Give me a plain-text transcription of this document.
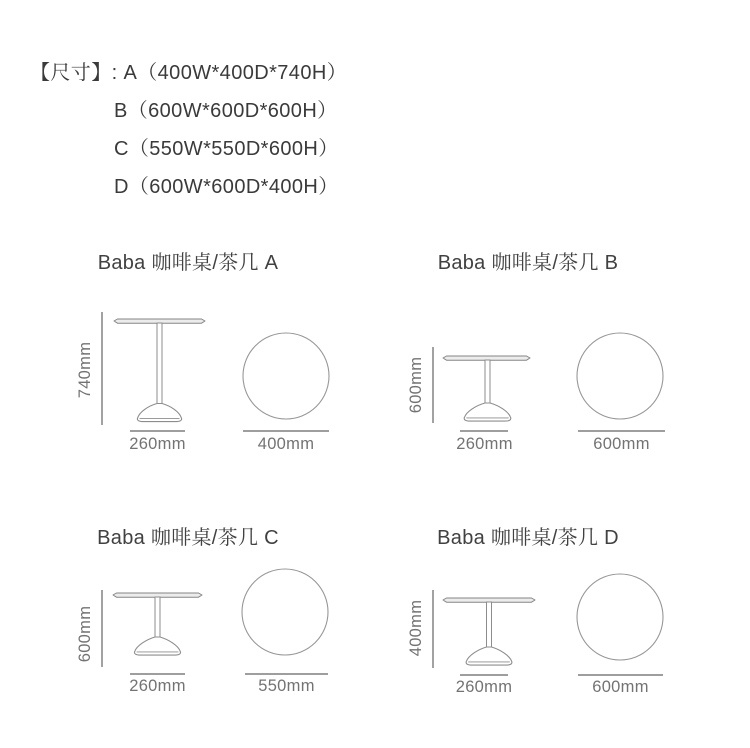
【尺寸】: A（400W*400D*740H）
B（600W*600D*600H）
C（550W*550D*600H）
D（600W*600D*400H）
Baba 咖啡桌/茶几 A
740mm
260mm	400mm
Baba 咖啡桌/茶几 B
600mm
260mm	600mm
Baba 咖啡桌/茶几 C
600mm
260mm	550mm
Baba 咖啡桌/茶几 D
400mm
260mm	600mm
